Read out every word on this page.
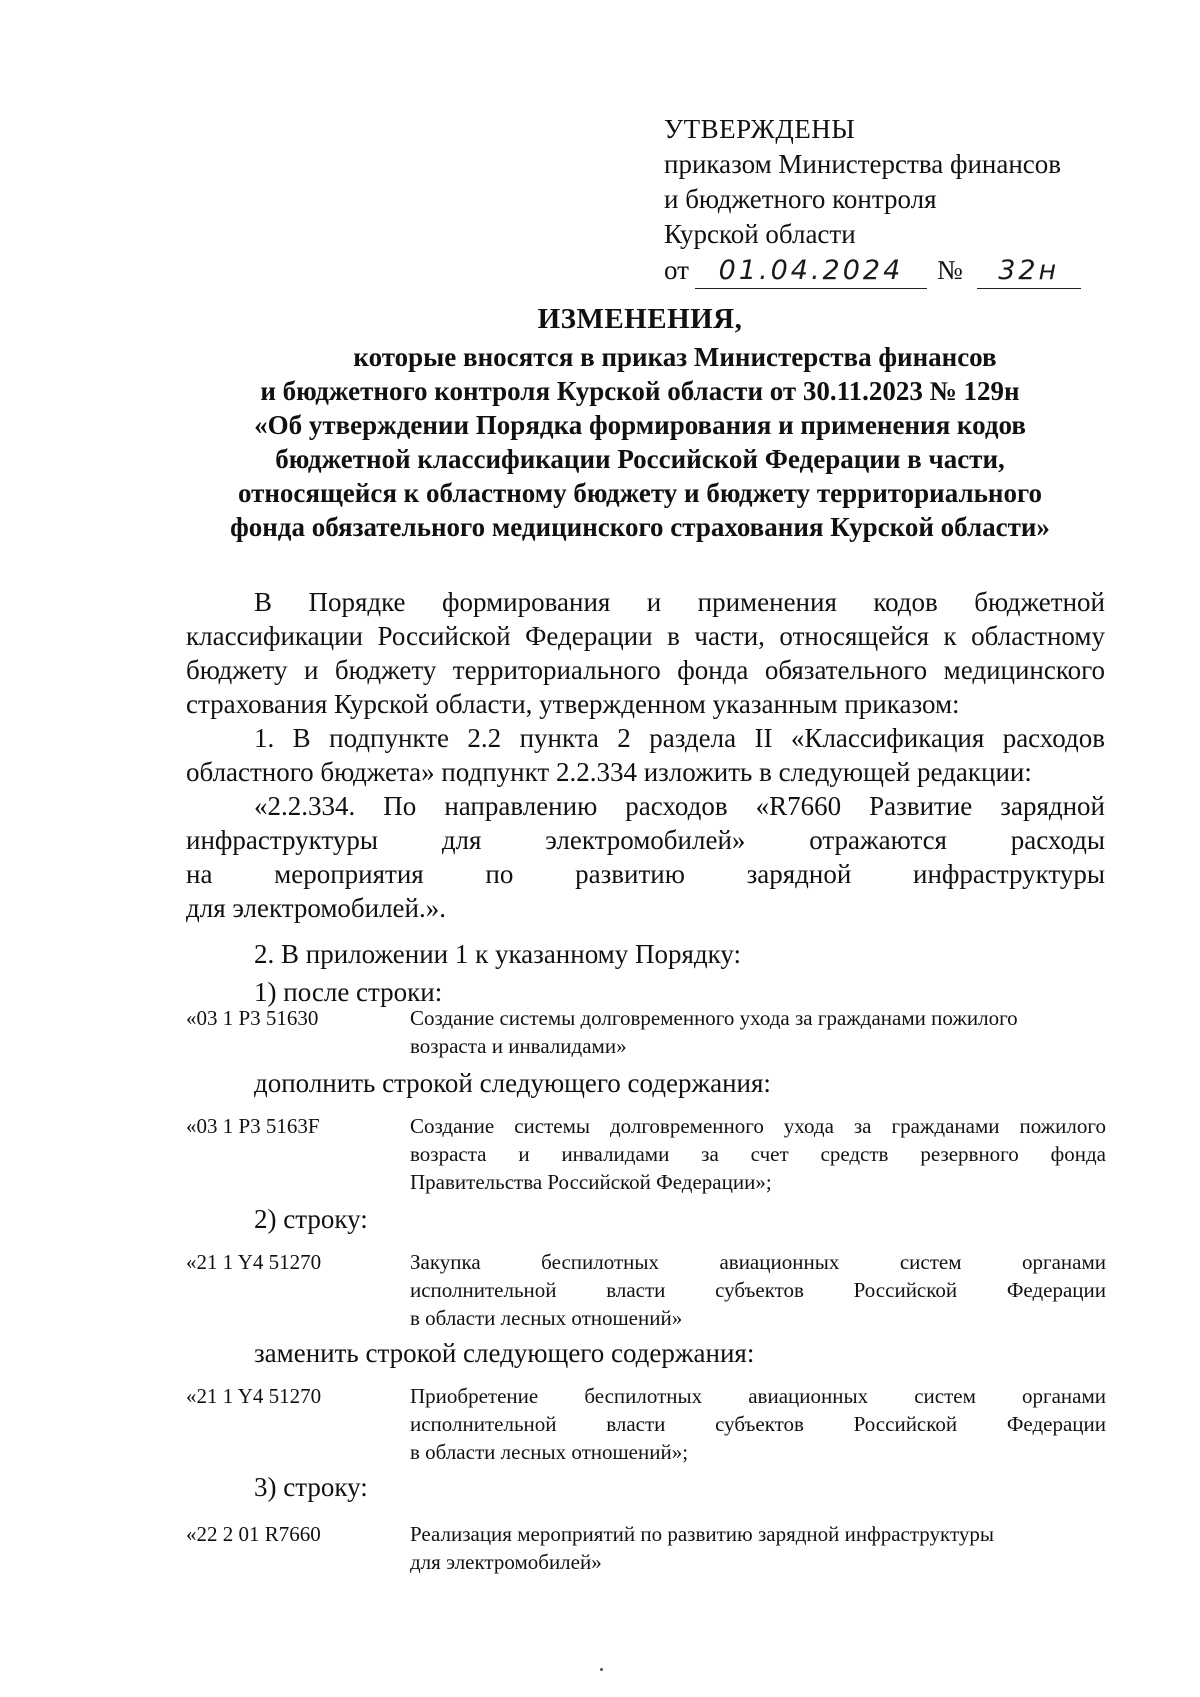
УТВЕРЖДЕНЫ
приказом Министерства финансов
и бюджетного контроля
Курской области
от	01.04.2024	№	32н
ИЗМЕНЕНИЯ,
которые вносятся в приказ Министерства финансов
и бюджетного контроля Курской области от 30.11.2023 № 129н
«Об утверждении Порядка формирования и применения кодов
бюджетной классификации Российской Федерации в части,
относящейся к областному бюджету и бюджету территориального
фонда обязательного медицинского страхования Курской области»

В Порядке формирования и применения кодов бюджетной

классификации Российской Федерации в части, относящейся к областному

бюджету и бюджету территориального фонда обязательного медицинского

страхования Курской области, утвержденном указанным приказом:

1. В подпункте 2.2 пункта 2 раздела II «Классификация расходов

областного бюджета» подпункт 2.2.334 изложить в следующей редакции:

«2.2.334. По направлению расходов «R7660 Развитие зарядной

инфраструктуры для электромобилей» отражаются расходы

на мероприятия по развитию зарядной инфраструктуры

для электромобилей.».

2. В приложении 1 к указанному Порядку:

1) после строки:

«03 1 Р3 51630	Создание системы долговременного ухода за гражданами пожилого
возраста и инвалидами»
дополнить строкой следующего содержания:
«03 1 Р3 5163F	Создание системы долговременного ухода за гражданами пожилого
возраста и инвалидами за счет средств резервного фонда
Правительства Российской Федерации»;
2) строку:
«21 1 Y4 51270	Закупка беспилотных авиационных систем органами
исполнительной власти субъектов Российской Федерации
в области лесных отношений»
заменить строкой следующего содержания:
«21 1 Y4 51270	Приобретение беспилотных авиационных систем органами
исполнительной власти субъектов Российской Федерации
в области лесных отношений»;
3) строку:
«22 2 01 R7660	Реализация мероприятий по развитию зарядной инфраструктуры
для электромобилей»
